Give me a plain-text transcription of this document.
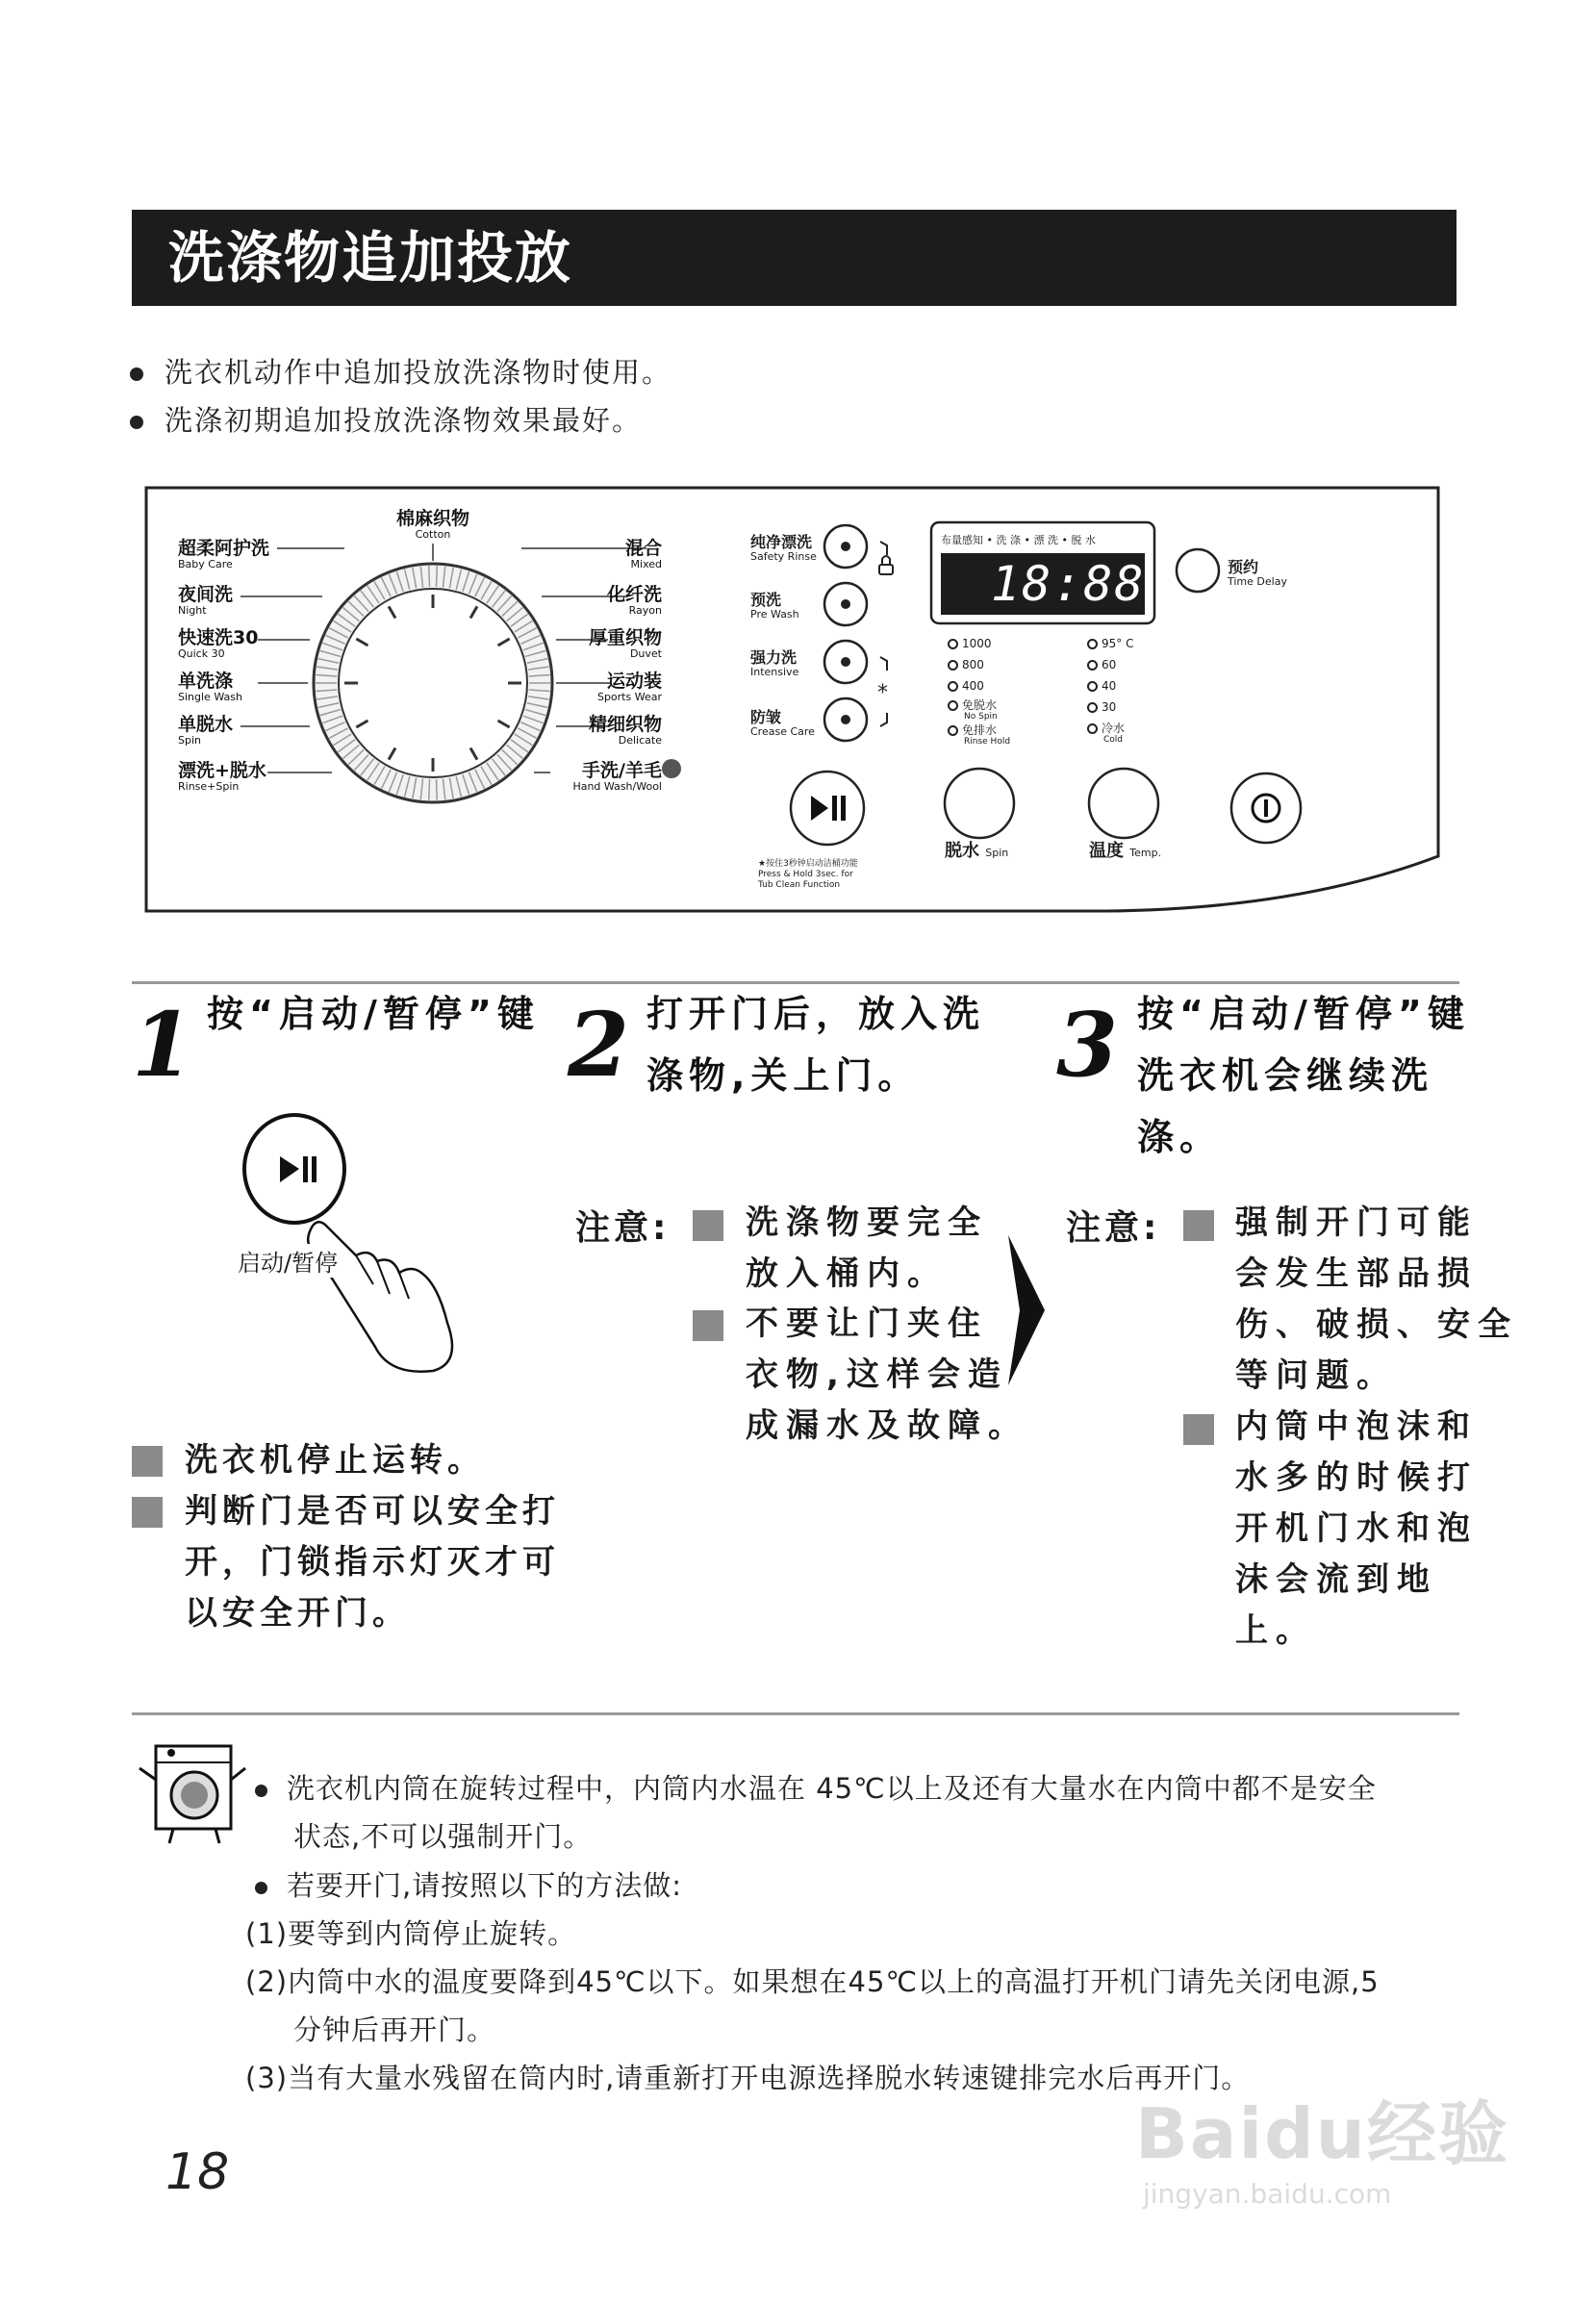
洗涤物追加投放
洗衣机动作中追加投放洗涤物时使用。
洗涤初期追加投放洗涤物效果最好。
*
棉麻织物
Cotton
超柔阿护洗
Baby Care
夜间洗
Night
快速洗30
Quick 30
单洗涤
Single Wash
单脱水
Spin
漂洗+脱水
Rinse+Spin
混合
Mixed
化纤洗
Rayon
厚重织物
Duvet
运动装
Sports Wear
精细织物
Delicate
手洗/羊毛
Hand Wash/Wool
纯净漂洗
Safety Rinse
预洗
Pre Wash
强力洗
Intensive
防皱
Crease Care
布量感知 • 洗 涤 • 漂 洗 • 脱 水
18:88
1000
800
400
免脱水
No Spin
免排水
Rinse Hold
95° C
60
40
30
冷水
Cold
预约
Time Delay
脱水 Spin	温度 Temp.
★按住3秒钟启动洁桶功能
Press & Hold 3sec. for
Tub Clean Function
1 按“启动/暂停”键
启动/暂停
洗衣机停止运转。
判断门是否可以安全打
开，门锁指示灯灭才可
以安全开门。
2 打开门后，放入洗
涤物,关上门。
注意: 洗涤物要完全
放入桶内。
不要让门夹住
衣物,这样会造
成漏水及故障。
3 按“启动/暂停”键
洗衣机会继续洗
涤。
注意: 强制开门可能
会发生部品损
伤、破损、安全
等问题。
内筒中泡沫和
水多的时候打
开机门水和泡
沫会流到地
上。
洗衣机内筒在旋转过程中，内筒内水温在 45℃以上及还有大量水在内筒中都不是安全
状态,不可以强制开门。
若要开门,请按照以下的方法做:
(1)要等到内筒停止旋转。
(2)内筒中水的温度要降到45℃以下。如果想在45℃以上的高温打开机门请先关闭电源,5
分钟后再开门。
(3)当有大量水残留在筒内时,请重新打开电源选择脱水转速键排完水后再开门。
18	Baidu经验
jingyan.baidu.com
